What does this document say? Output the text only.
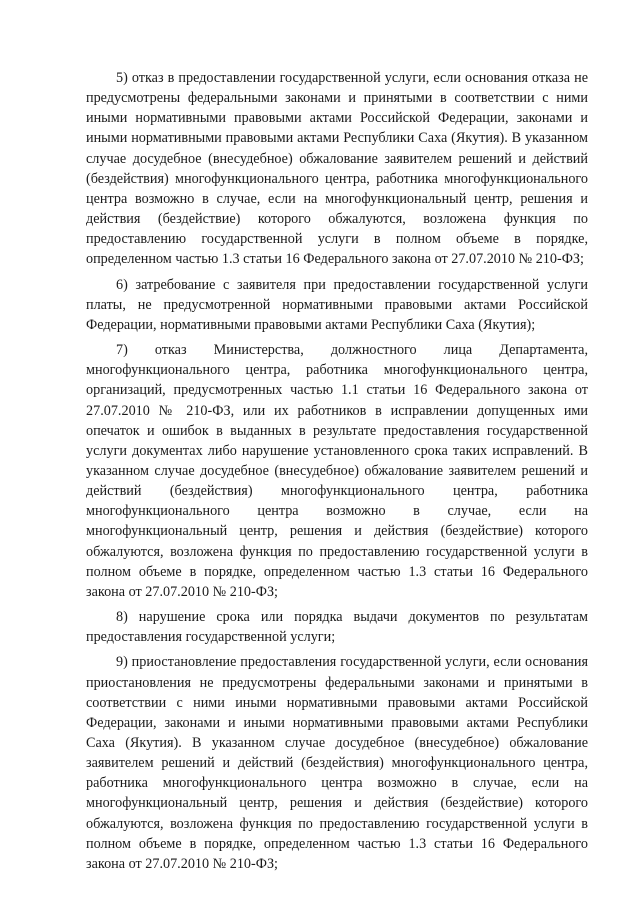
5) отказ в предоставлении государственной услуги, если основания отказа не предусмотрены федеральными законами и принятыми в соответствии с ними иными нормативными правовыми актами Российской Федерации, законами и иными нормативными правовыми актами Республики Саха (Якутия). В указанном случае досудебное (внесудебное) обжалование заявителем решений и действий (бездействия) многофункционального центра, работника многофункционального центра возможно в случае, если на многофункциональный центр, решения и действия (бездействие) которого обжалуются, возложена функция по предоставлению государственной услуги в полном объеме в порядке, определенном частью 1.3 статьи 16 Федерального закона от 27.07.2010 № 210-ФЗ;

6) затребование с заявителя при предоставлении государственной услуги платы, не предусмотренной нормативными правовыми актами Российской Федерации, нормативными правовыми актами Республики Саха (Якутия);

7) отказ Министерства, должностного лица Департамента, многофункционального центра, работника многофункционального центра, организаций, предусмотренных частью 1.1 статьи 16 Федерального закона от 27.07.2010 № 210-ФЗ, или их работников в исправлении допущенных ими опечаток и ошибок в выданных в результате предоставления государственной услуги документах либо нарушение установленного срока таких исправлений. В указанном случае досудебное (внесудебное) обжалование заявителем решений и действий (бездействия) многофункционального центра, работника многофункционального центра возможно в случае, если на многофункциональный центр, решения и действия (бездействие) которого обжалуются, возложена функция по предоставлению государственной услуги в полном объеме в порядке, определенном частью 1.3 статьи 16 Федерального закона от 27.07.2010 № 210-ФЗ;

8) нарушение срока или порядка выдачи документов по результатам предоставления государственной услуги;

9) приостановление предоставления государственной услуги, если основания приостановления не предусмотрены федеральными законами и принятыми в соответствии с ними иными нормативными правовыми актами Российской Федерации, законами и иными нормативными правовыми актами Республики Саха (Якутия). В указанном случае досудебное (внесудебное) обжалование заявителем решений и действий (бездействия) многофункционального центра, работника многофункционального центра возможно в случае, если на многофункциональный центр, решения и действия (бездействие) которого обжалуются, возложена функция по предоставлению государственной услуги в полном объеме в порядке, определенном частью 1.3 статьи 16 Федерального закона от 27.07.2010 № 210-ФЗ;
